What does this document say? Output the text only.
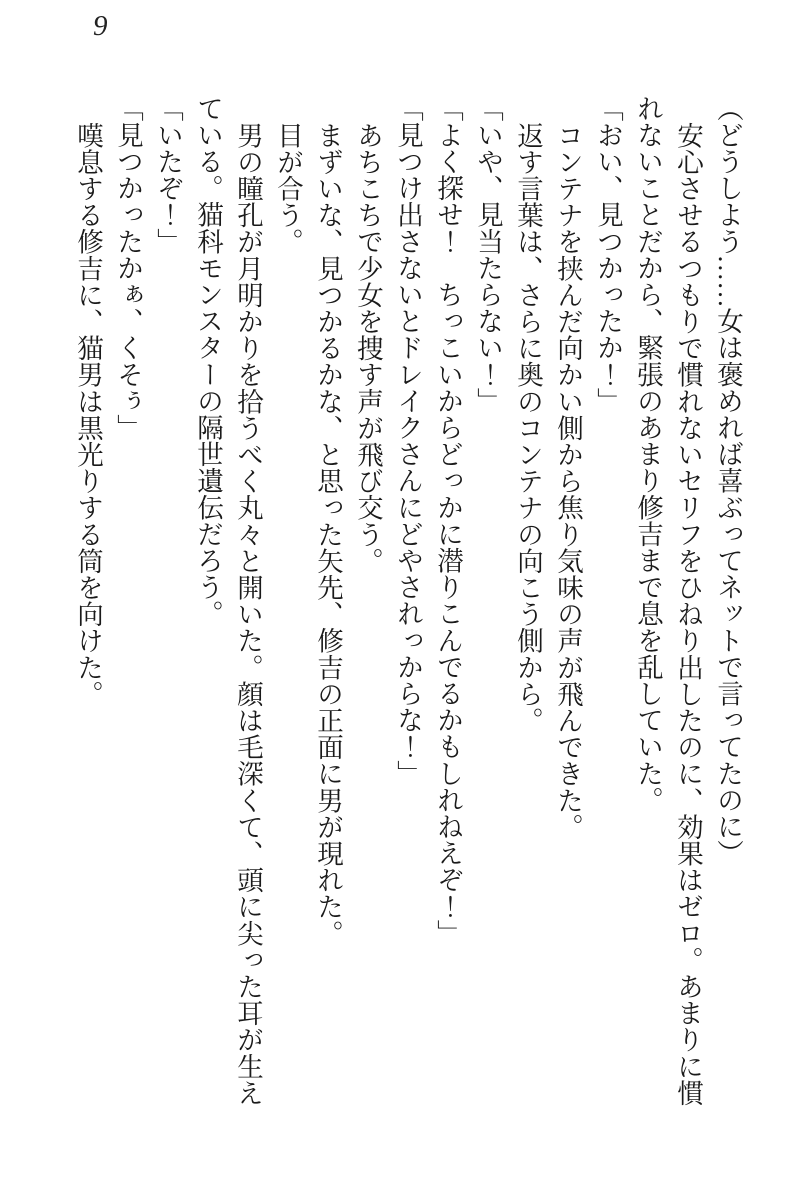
9

（どうしよう……女は褒めれば喜ぶってネットで言ってたのに）

安心させるつもりで慣れないセリフをひねり出したのに、効果はゼロ。あまりに慣れないことだから、緊張のあまり修吉まで息を乱していた。

「おい、見つかったか！」

コンテナを挟んだ向かい側から焦り気味の声が飛んできた。

返す言葉は、さらに奥のコンテナの向こう側から。

「いや、見当たらない！」

「よく探せ！　ちっこいからどっかに潜りこんでるかもしれねえぞ！」

「見つけ出さないとドレイクさんにどやされっからな！」

あちこちで少女を捜す声が飛び交う。

まずいな、見つかるかな、と思った矢先、修吉の正面に男が現れた。

目が合う。

男の瞳孔が月明かりを拾うべく丸々と開いた。顔は毛深くて、頭に尖った耳が生えている。猫科モンスターの隔世遺伝だろう。

「いたぞ！」

「見つかったかぁ、くそぅ」

嘆息する修吉に、猫男は黒光りする筒を向けた。
